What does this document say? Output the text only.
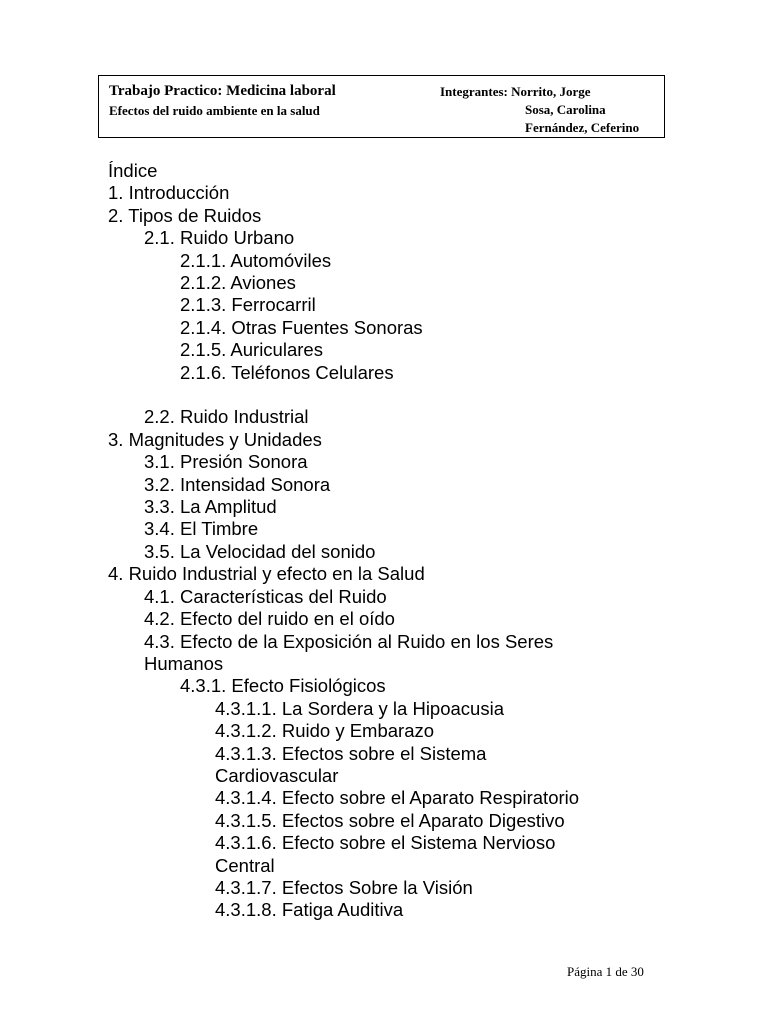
Trabajo Practico: Medicina laboral
Efectos del ruido ambiente en la salud
Integrantes: Norrito, Jorge
Sosa, Carolina
Fernández, Ceferino
Índice
1. Introducción
2. Tipos de Ruidos
2.1. Ruido Urbano
2.1.1. Automóviles
2.1.2. Aviones
2.1.3. Ferrocarril
2.1.4. Otras Fuentes Sonoras
2.1.5. Auriculares
2.1.6. Teléfonos Celulares
2.2. Ruido Industrial
3. Magnitudes y Unidades
3.1. Presión Sonora
3.2. Intensidad Sonora
3.3. La Amplitud
3.4. El Timbre
3.5. La Velocidad del sonido
4. Ruido Industrial y efecto en la Salud
4.1. Características del Ruido
4.2. Efecto del ruido en el oído
4.3. Efecto de la Exposición al Ruido en los Seres
Humanos
4.3.1. Efecto Fisiológicos
4.3.1.1. La Sordera y la Hipoacusia
4.3.1.2. Ruido y Embarazo
4.3.1.3. Efectos sobre el Sistema
Cardiovascular
4.3.1.4. Efecto sobre el Aparato Respiratorio
4.3.1.5. Efectos sobre el Aparato Digestivo
4.3.1.6. Efecto sobre el Sistema Nervioso
Central
4.3.1.7. Efectos Sobre la Visión
4.3.1.8. Fatiga Auditiva
Página 1 de 30
